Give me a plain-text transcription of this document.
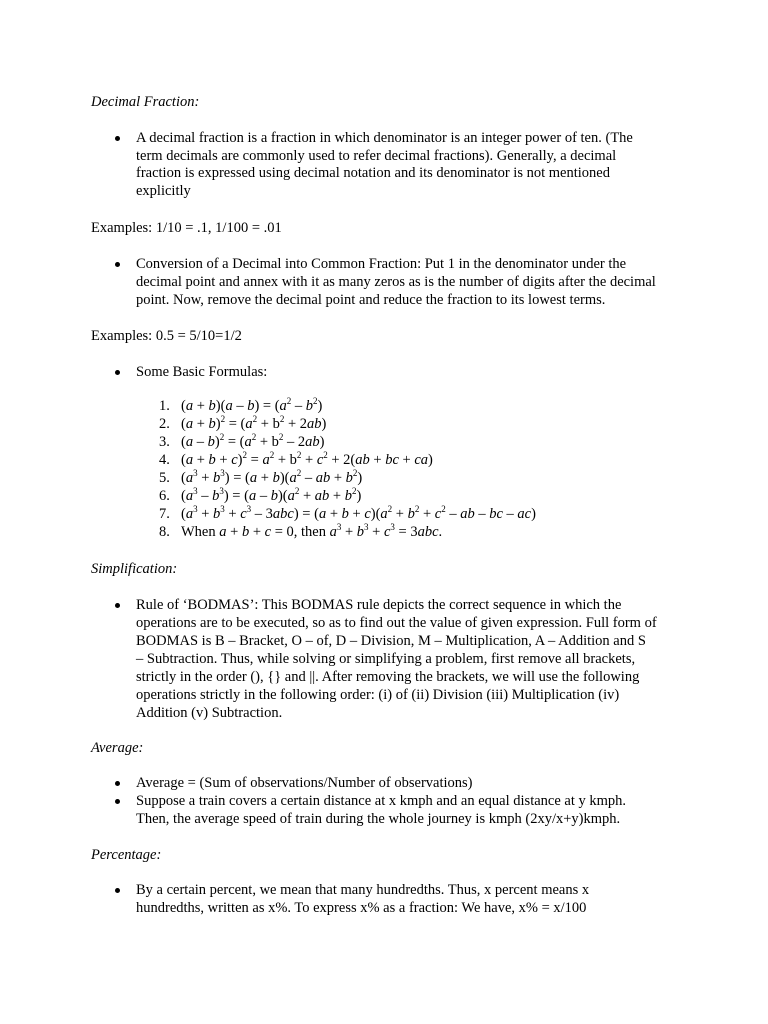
Decimal Fraction:
A decimal fraction is a fraction in which denominator is an integer power of ten. (The
term decimals are commonly used to refer decimal fractions). Generally, a decimal
fraction is expressed using decimal notation and its denominator is not mentioned
explicitly
Examples: 1/10 = .1, 1/100 = .01
Conversion of a Decimal into Common Fraction: Put 1 in the denominator under the
decimal point and annex with it as many zeros as is the number of digits after the decimal
point. Now, remove the decimal point and reduce the fraction to its lowest terms.
Examples: 0.5 = 5/10=1/2
Some Basic Formulas:
1. $(a + b)(a - b) = (a^2 - b^2)$
2. $(a + b)^2 = (a^2 + b^2 + 2ab)$
3. $(a - b)^2 = (a^2 + b^2 - 2ab)$
4. $(a + b + c)^2 = a^2 + b^2 + c^2 + 2(ab$ + bc + ca)
5. $(a^3 + b^3) = (a + b)(a^2$ – ab + $b^2$)
6. $(a^3 - b^3) = (a - b)(a^2$ + ab + $b^2$)
7. $(a^3 + b^3 + c^3 - 3abc) = (a + b + c)(a^2 + b^2 + c^2$ – ab – bc – ac)
8. When a + b + c = 0, then $a^3 + b^3 + c^3 = 3abc$.
Simplification:
Rule of ‘BODMAS’: This BODMAS rule depicts the correct sequence in which the
operations are to be executed, so as to find out the value of given expression. Full form of
BODMAS is B – Bracket, O – of, D – Division, M – Multiplication, A – Addition and S
– Subtraction. Thus, while solving or simplifying a problem, first remove all brackets,
strictly in the order (), {} and ||. After removing the brackets, we will use the following
operations strictly in the following order: (i) of (ii) Division (iii) Multiplication (iv)
Addition (v) Subtraction.
Average:
Average = (Sum of observations/Number of observations)
Suppose a train covers a certain distance at x kmph and an equal distance at y kmph.
Then, the average speed of train during the whole journey is kmph (2xy/x+y)kmph.
Percentage:
By a certain percent, we mean that many hundredths. Thus, x percent means x
hundredths, written as x%. To express x% as a fraction: We have, x% = x/100
